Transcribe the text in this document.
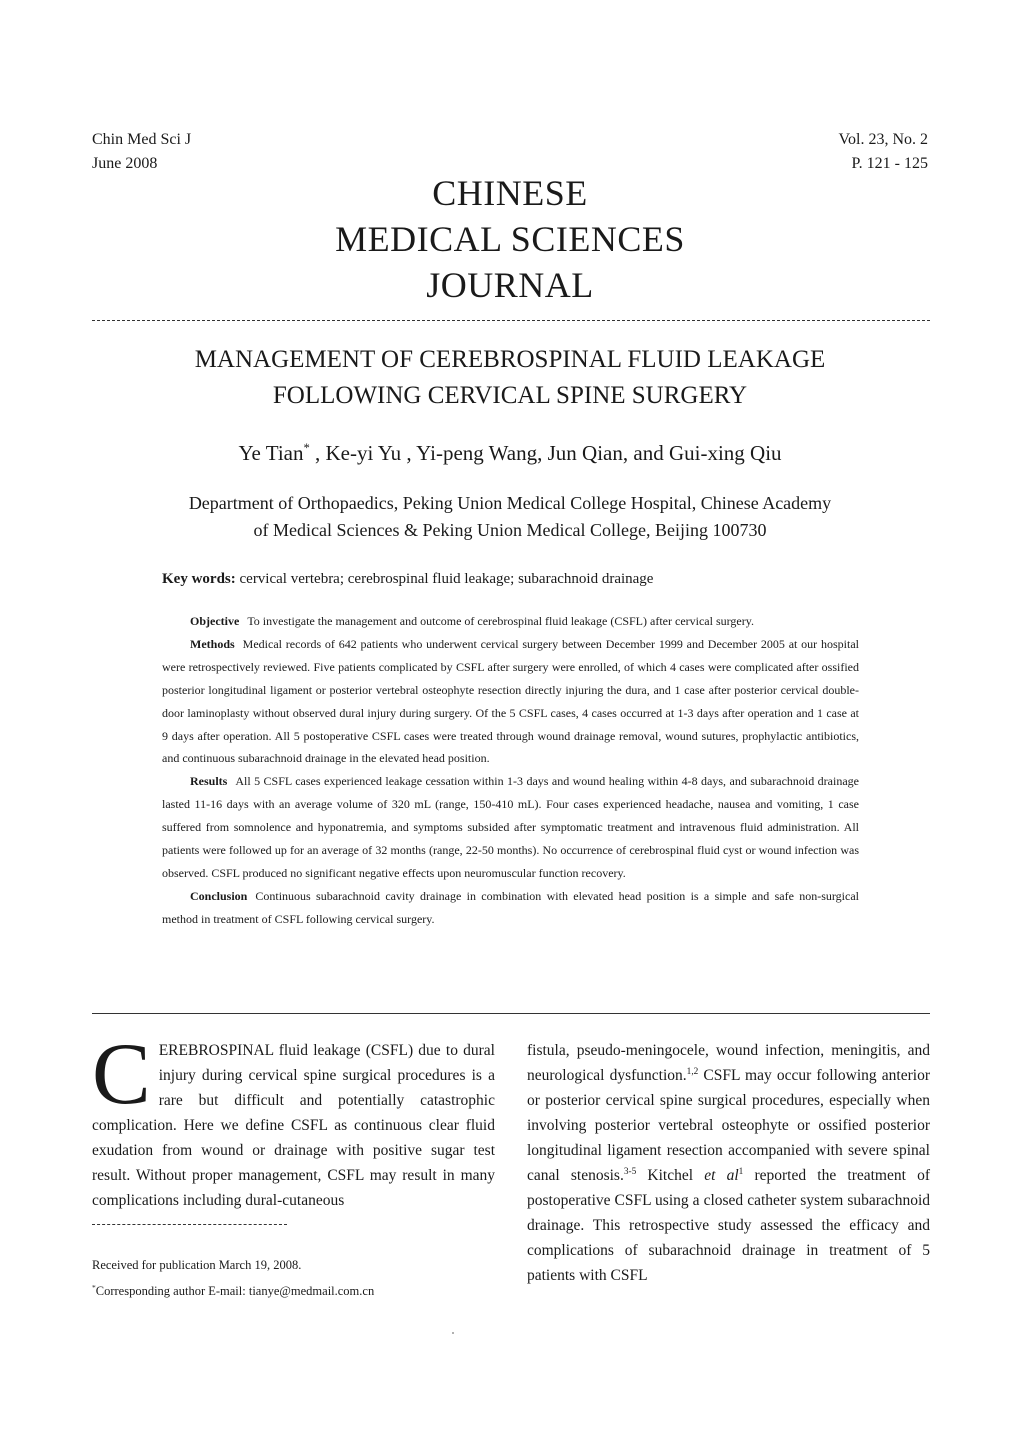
Chin Med Sci J
June 2008
Vol. 23, No. 2
P. 121 - 125
CHINESE
MEDICAL SCIENCES
JOURNAL
MANAGEMENT OF CEREBROSPINAL FLUID LEAKAGE
FOLLOWING CERVICAL SPINE SURGERY
Ye Tian* , Ke-yi Yu , Yi-peng Wang, Jun Qian, and Gui-xing Qiu
Department of Orthopaedics, Peking Union Medical College Hospital, Chinese Academy
of Medical Sciences & Peking Union Medical College, Beijing 100730
Key words: cervical vertebra; cerebrospinal fluid leakage; subarachnoid drainage

Objective To investigate the management and outcome of cerebrospinal fluid leakage (CSFL) after cervical surgery.

Methods Medical records of 642 patients who underwent cervical surgery between December 1999 and December 2005 at our hospital were retrospectively reviewed. Five patients complicated by CSFL after surgery were enrolled, of which 4 cases were complicated after ossified posterior longitudinal ligament or posterior vertebral osteophyte resection directly injuring the dura, and 1 case after posterior cervical double-door laminoplasty without observed dural injury during surgery. Of the 5 CSFL cases, 4 cases occurred at 1-3 days after operation and 1 case at 9 days after operation. All 5 postoperative CSFL cases were treated through wound drainage removal, wound sutures, prophylactic antibiotics, and continuous subarachnoid drainage in the elevated head position.

Results All 5 CSFL cases experienced leakage cessation within 1-3 days and wound healing within 4-8 days, and subarachnoid drainage lasted 11-16 days with an average volume of 320 mL (range, 150-410 mL). Four cases experienced headache, nausea and vomiting, 1 case suffered from somnolence and hyponatremia, and symptoms subsided after symptomatic treatment and intravenous fluid administration. All patients were followed up for an average of 32 months (range, 22-50 months). No occurrence of cerebrospinal fluid cyst or wound infection was observed. CSFL produced no significant negative effects upon neuromuscular function recovery.

Conclusion Continuous subarachnoid cavity drainage in combination with elevated head position is a simple and safe non-surgical method in treatment of CSFL following cervical surgery.

CEREBROSPINAL fluid leakage (CSFL) due to dural injury during cervical spine surgical procedures is a rare but difficult and potentially catastrophic complication. Here we define CSFL as continuous clear fluid exudation from wound or drainage with positive sugar test result. Without proper management, CSFL may result in many complications including dural-cutaneous

fistula, pseudo-meningocele, wound infection, meningitis, and neurological dysfunction.$^{1,2}$ CSFL may occur following anterior or posterior cervical spine surgical procedures, especially when involving posterior vertebral osteophyte or ossified posterior longitudinal ligament resection accompanied with severe spinal canal stenosis.$^{3-5}$ Kitchel et $al^1$ reported the treatment of postoperative CSFL using a closed catheter system subarachnoid drainage. This retrospective study assessed the efficacy and complications of subarachnoid drainage in treatment of 5 patients with CSFL

Received for publication March 19, 2008.
*Corresponding author E-mail: tianye@medmail.com.cn
